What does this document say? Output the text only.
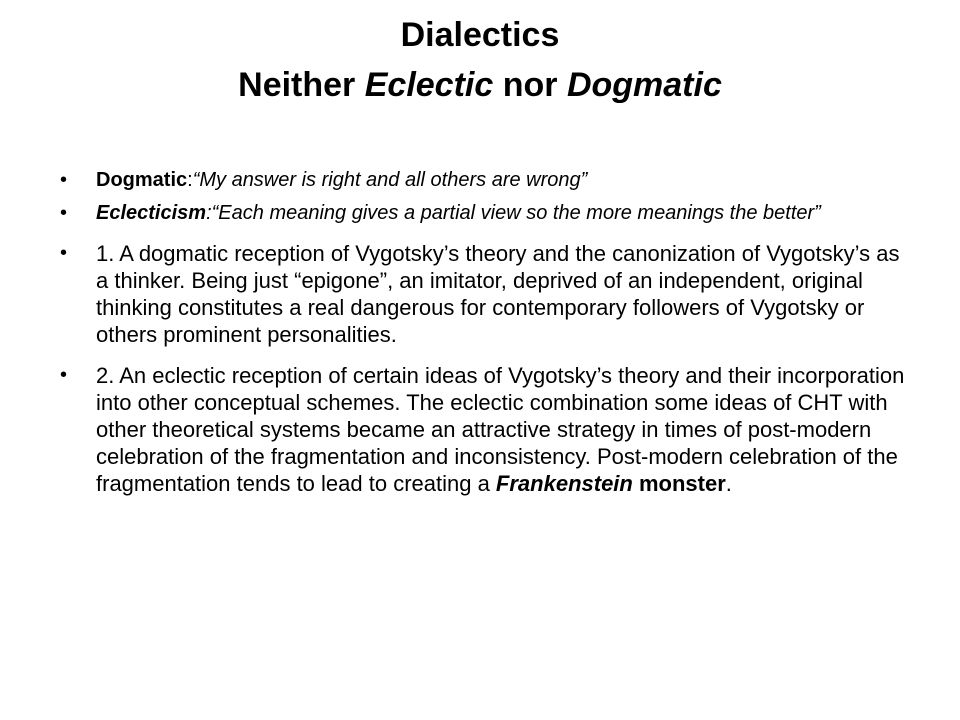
Dialectics
Neither Eclectic nor Dogmatic
• Dogmatic:“My answer is right and all others are wrong”
• Eclecticism:“Each meaning gives a partial view so the more meanings the better”
• 1. A dogmatic reception of Vygotsky’s theory and the canonization of Vygotsky’s as a thinker. Being just “epigone”, an imitator, deprived of an independent, original thinking constitutes a real dangerous for contemporary followers of Vygotsky or others prominent personalities.
• 2. An eclectic reception of certain ideas of Vygotsky’s theory and their incorporation into other conceptual schemes. The eclectic combination some ideas of CHT with other theoretical systems became an attractive strategy in times of post-modern celebration of the fragmentation and inconsistency. Post-modern celebration of the fragmentation tends to lead to creating a Frankenstein monster.
